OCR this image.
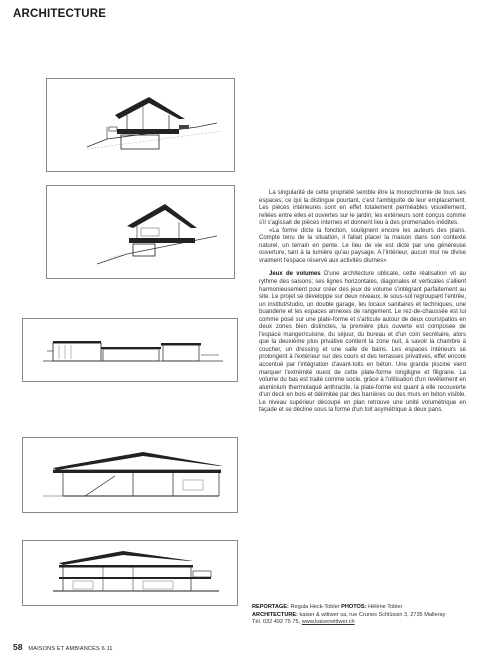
ARCHITECTURE

La singularité de cette propriété semble être la monochromie de tous ses espaces; ce qui la distingue pourtant, c'est l'ambiguïté de leur emplacement. Les pièces intérieures sont en effet totalement perméables visuellement, reliées entre elles et ouvertes sur le jardin; les extérieurs sont conçus comme s'il s'agissait de pièces internes et donnent lieu à des promenades inédites.

«La forme dicte la fonction, soulignent encore les auteurs des plans. Compte tenu de la situation, il fallait placer la maison dans son contexte naturel, un terrain en pente. Le lieu de vie est dicté par une généreuse ouverture, tant à la lumière qu'au paysage. A l'intérieur, aucun mur ne divise vraiment l'espace réservé aux activités diurnes»

Jeux de volumes D'une architecture oblicate, cette réalisation vit au rythme des saisons; ses lignes horizontales, diagonales et verticales s'allient harmonieusement pour créer des jeux de volume s'intégrant parfaitement au site. Le projet se développe sur deux niveaux, le sous-sol regroupant l'entrée, un institut/studio, un double garage, les locaux sanitaires et techniques, une buanderie et les espaces annexes de rangement. Le rez-de-chaussée est lui comme posé sur une plate-forme et s'articule autour de deux cours/patios en deux zones bien distinctes, la première plus ouverte est composée de l'espace manger/cuisine, du séjour, du bureau et d'un coin secrétaire, alors que la deuxième plus privative contient la zone nuit, à savoir la chambre à coucher, un dressing et une salle de bains. Les espaces intérieurs se prolongent à l'extérieur sur des cours et des terrasses privatives, effet encore accentué par l'intégration d'avant-toits en béton. Une grande piscine vient marquer l'extrémité ouest de cette plate-forme longiligne et filigrane. La volume du bas est traité comme socle, grâce à l'utilisation d'un revêtement en aluminium thermolaqué anthracite, la plate-forme est quant à elle recouverte d'un deck en bois et délimitée par des barrières ou des murs en béton visible. Le niveau supérieur découpé en plan retrouve une unité volumétrique en façade et se décline sous la forme d'un toit asymétrique à deux pans.

REPORTAGE: Regula Heck-Tobler PHOTOS: Hélène Tobler
ARCHITECTURE: kaiser & wittwer sa, rue Crunes Schlüssin 3, 2735 Malleray
Tél. 032 492 75 75, www.kaiserwittwer.ch
58 MAISONS ET AMBIANCES 6.11
